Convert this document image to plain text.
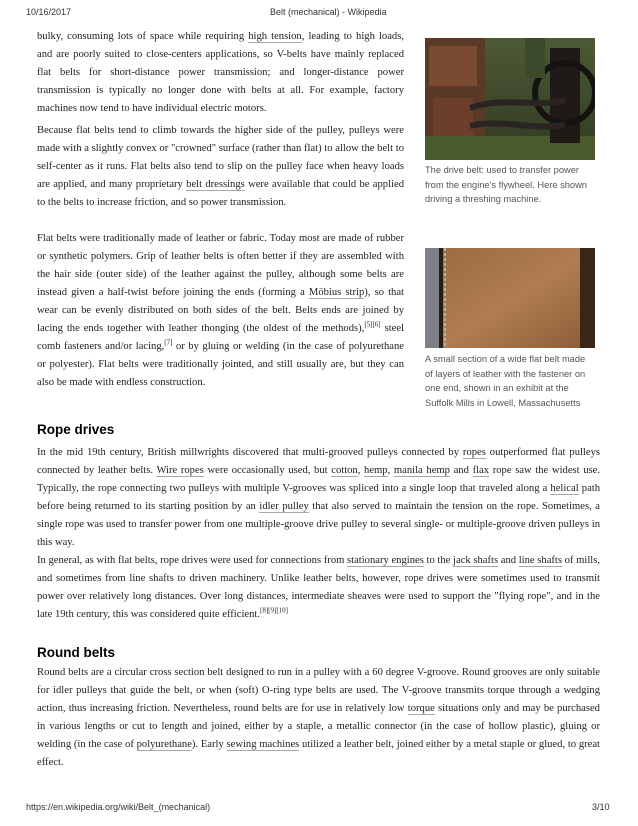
10/16/2017	Belt (mechanical) - Wikipedia
bulky, consuming lots of space while requiring high tension, leading to high loads, and are poorly suited to close-centers applications, so V-belts have mainly replaced flat belts for short-distance power transmission; and longer-distance power transmission is typically no longer done with belts at all. For example, factory machines now tend to have individual electric motors.
Because flat belts tend to climb towards the higher side of the pulley, pulleys were made with a slightly convex or "crowned" surface (rather than flat) to allow the belt to self-center as it runs. Flat belts also tend to slip on the pulley face when heavy loads are applied, and many proprietary belt dressings were available that could be applied to the belts to increase friction, and so power transmission.
Flat belts were traditionally made of leather or fabric. Today most are made of rubber or synthetic polymers. Grip of leather belts is often better if they are assembled with the hair side (outer side) of the leather against the pulley, although some belts are instead given a half-twist before joining the ends (forming a Möbius strip), so that wear can be evenly distributed on both sides of the belt. Belts ends are joined by lacing the ends together with leather thonging (the oldest of the methods),[5][6] steel comb fasteners and/or lacing,[7] or by gluing or welding (in the case of polyurethane or polyester). Flat belts were traditionally jointed, and still usually are, but they can also be made with endless construction.
The drive belt: used to transfer power from the engine's flywheel. Here shown driving a threshing machine.
A small section of a wide flat belt made of layers of leather with the fastener on one end, shown in an exhibit at the Suffolk Mills in Lowell, Massachusetts
Rope drives
In the mid 19th century, British millwrights discovered that multi-grooved pulleys connected by ropes outperformed flat pulleys connected by leather belts. Wire ropes were occasionally used, but cotton, hemp, manila hemp and flax rope saw the widest use. Typically, the rope connecting two pulleys with multiple V-grooves was spliced into a single loop that traveled along a helical path before being returned to its starting position by an idler pulley that also served to maintain the tension on the rope. Sometimes, a single rope was used to transfer power from one multiple-groove drive pulley to several single- or multiple-groove driven pulleys in this way.
In general, as with flat belts, rope drives were used for connections from stationary engines to the jack shafts and line shafts of mills, and sometimes from line shafts to driven machinery. Unlike leather belts, however, rope drives were sometimes used to transmit power over relatively long distances. Over long distances, intermediate sheaves were used to support the "flying rope", and in the late 19th century, this was considered quite efficient.[8][9][10]
Round belts
Round belts are a circular cross section belt designed to run in a pulley with a 60 degree V-groove. Round grooves are only suitable for idler pulleys that guide the belt, or when (soft) O-ring type belts are used. The V-groove transmits torque through a wedging action, thus increasing friction. Nevertheless, round belts are for use in relatively low torque situations only and may be purchased in various lengths or cut to length and joined, either by a staple, a metallic connector (in the case of hollow plastic), gluing or welding (in the case of polyurethane). Early sewing machines utilized a leather belt, joined either by a metal staple or glued, to great effect.
https://en.wikipedia.org/wiki/Belt_(mechanical)	3/10
